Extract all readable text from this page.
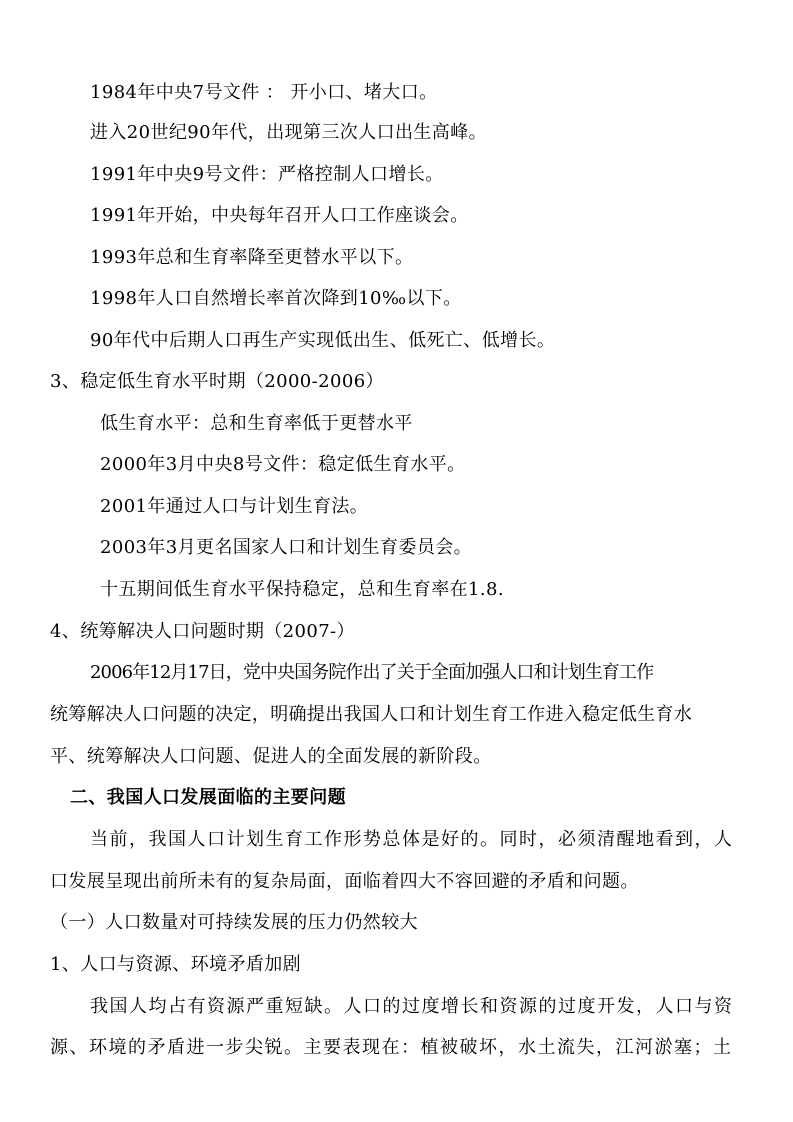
1984年中央7号文件 ： 开小口、堵大口。
进入20世纪90年代，出现第三次人口出生高峰。
1991年中央9号文件：严格控制人口增长。
1991年开始，中央每年召开人口工作座谈会。
1993年总和生育率降至更替水平以下。
1998年人口自然增长率首次降到10‰以下。
90年代中后期人口再生产实现低出生、低死亡、低增长。
3、稳定低生育水平时期（2000-2006）
低生育水平：总和生育率低于更替水平
2000年3月中央8号文件：稳定低生育水平。
2001年通过人口与计划生育法。
2003年3月更名国家人口和计划生育委员会。
十五期间低生育水平保持稳定，总和生育率在1.8.
4、统筹解决人口问题时期（2007-）
2006年12月17日，党中央国务院作出了关于全面加强人口和计划生育工作
统筹解决人口问题的决定，明确提出我国人口和计划生育工作进入稳定低生育水
平、统筹解决人口问题、促进人的全面发展的新阶段。
二、我国人口发展面临的主要问题
当前，我国人口计划生育工作形势总体是好的。同时，必须清醒地看到，人
口发展呈现出前所未有的复杂局面，面临着四大不容回避的矛盾和问题。
（一）人口数量对可持续发展的压力仍然较大
1、人口与资源、环境矛盾加剧
我国人均占有资源严重短缺。人口的过度增长和资源的过度开发，人口与资
源、环境的矛盾进一步尖锐。主要表现在：植被破坏，水土流失，江河淤塞；土
